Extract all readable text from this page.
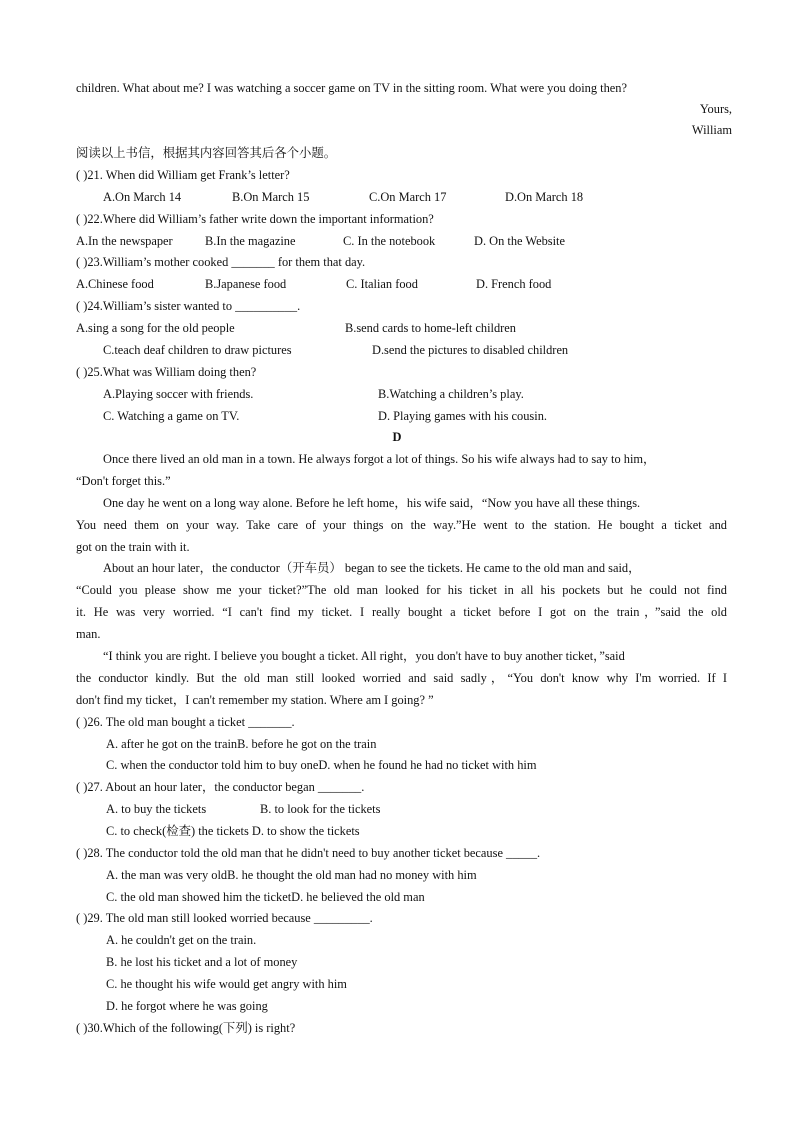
children. What about me? I was watching a soccer game on TV in the sitting room. What were you doing then?
Yours,
William
阅读以上书信，根据其内容回答其后各个小题。
( )21. When did William get Frank’s letter?
A.On March 14	B.On March 15	C.On March 17	D.On March 18
( )22.Where did William’s father write down the important information?
A.In the newspaper	B.In the magazine	C. In the notebook	D. On the Website
( )23.William’s mother cooked _______ for them that day.
A.Chinese food	B.Japanese food	C. Italian food	D. French food
( )24.William’s sister wanted to __________.
A.sing a song for the old people	B.send cards to home-left children
C.teach deaf children to draw pictures	D.send the pictures to disabled children
( )25.What was William doing then?
A.Playing soccer with friends.	B.Watching a children’s play.
C. Watching a game on TV.	D. Playing games with his cousin.
D
Once there lived an old man in a town. He always forgot a lot of things. So his wife always had to say to him，
“Don't forget this.”
One day he went on a long way alone. Before he left home，his wife said，“Now you have all these things.
You need them on your way. Take care of your things on the way.”He went to the station. He bought a ticket and
got on the train with it.
About an hour later，the conductor（开车员） began to see the tickets. He came to the old man and said，
“Could you please show me your ticket?”The old man looked for his ticket in all his pockets but he could not find
it. He was very worried. “I can't find my ticket. I really bought a ticket before I got on the train，”said the old
man.
“I think you are right. I believe you bought a ticket. All right，you don't have to buy another ticket，”said
the conductor kindly. But the old man still looked worried and said sadly，“You don't know why I'm worried. If I
don't find my ticket，I can't remember my station. Where am I going? ”
( )26. The old man bought a ticket _______.
A. after he got on the trainB. before he got on the train
C. when the conductor told him to buy oneD. when he found he had no ticket with him
( )27. About an hour later，the conductor began _______.
A. to buy the tickets	B. to look for the tickets
C. to check(检查) the tickets D. to show the tickets
( )28. The conductor told the old man that he didn't need to buy another ticket because _____.
A. the man was very oldB. he thought the old man had no money with him
C. the old man showed him the ticketD. he believed the old man
( )29. The old man still looked worried because _________.
A. he couldn't get on the train.
B. he lost his ticket and a lot of money
C. he thought his wife would get angry with him
D. he forgot where he was going
( )30.Which of the following(下列) is right?
